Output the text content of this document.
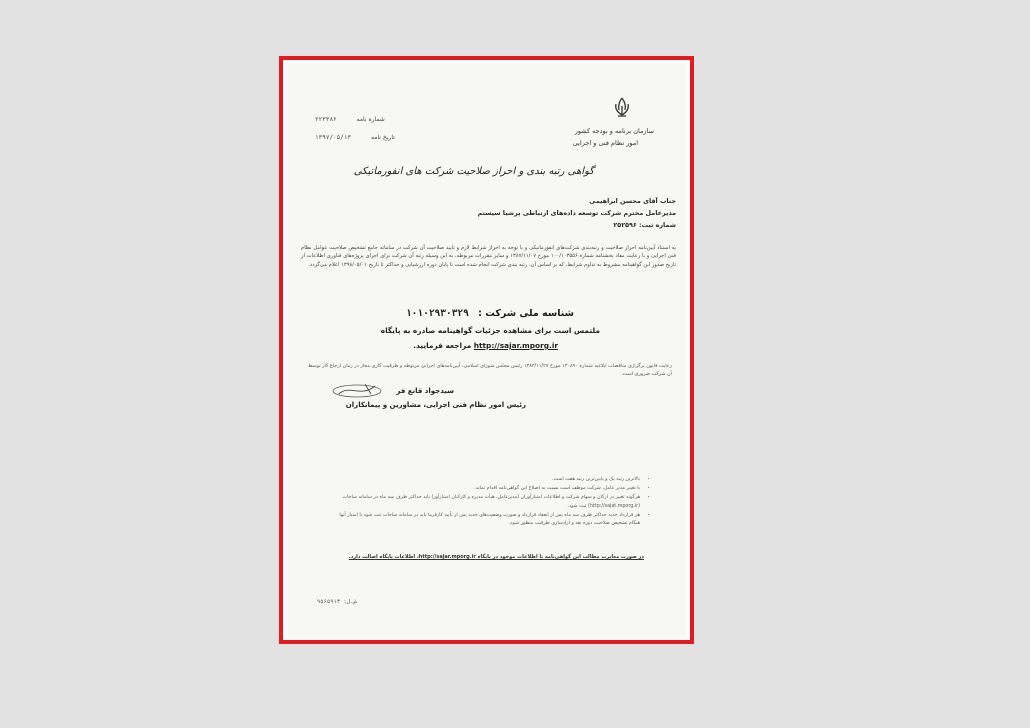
سازمان برنامه و بودجه کشور
امور نظام فنی و اجرایی
شماره نامه ۲۲۳۳۸۶
تاریخ نامه ۱۳۹۷/۰۵/۱۳
گواهی رتبه بندی و احراز صلاحیت شرکت های انفورماتیکی
جناب آقای محسن ابراهیمی
مدیرعامل محترم شرکت توسعه داده‌های ارتباطی پرشیا سیستم
شماره ثبت: ۲۵۲۵۹۶
به استناد آیین‌نامه احراز صلاحیت و رتبه‌بندی شرکت‌های انفورماتیکی و با توجه به احراز شرایط لازم و تایید صلاحیت آن شرکت در سامانه جامع تشخیص صلاحیت عوامل نظام فنی اجرایی و با رعایت مفاد بخشنامه شماره ۱۰۰/۱۰۳۵۵۶ مورخ ۱۳۸۷/۱۱/۰۷ و سایر مقررات مربوطه، به این وسیله رتبه آن شرکت برای اجرای پروژه‌های فناوری اطلاعات از تاریخ صدور این گواهینامه مشروط به تداوم شرایط، که بر اساس آن، رتبه بندی شرکت انجام شده است تا پایان دوره ارزشیابی و حداکثر تا تاریخ ۱۳۹۸/۰۵/۰۱ اعلام می‌گردد.
شناسه ملی شرکت : ۱۰۱۰۲۹۳۰۳۲۹
ملتمس است برای مشاهده جزئیات گواهینامه صادره به پایگاه
http://sajar.mporg.ir مراجعه فرمایید.
رعایت قانون برگزاری مناقصات ابلاغیه شماره ۱۳۰۸۹۰ مورخ ۱۳۸۳/۱۱/۲۷ رئیس مجلس شورای اسلامی، آیین‌نامه‌های اجرایی مربوطه و ظرفیت کاری مجاز در زمان ارجاع کار توسط آن شرکت ضروری است.
سیدجواد قانع فر
رئیس امور نظام فنی اجرایی، مشاورین و پیمانکاران
• بالاترین رتبه یک و پایین‌ترین رتبه هفت است.
• با تغییر مدیر عامل، شرکت موظف است نسبت به اصلاح این گواهی‌نامه اقدام نماید.
• هرگونه تغییر در ارکان و سهام شرکت و اطلاعات امتیازآوران (مدیرعامل، هیأت مدیره و کارکنان امتیازآور) باید حداکثر ظرف سه ماه در سامانه ساجات (http://sajat.mporg.ir) ثبت شود.
• هر قرارداد جدید حداکثر ظرف سه ماه پس از انعقاد قرارداد و صورت وضعیت‌های جدید پس از تأیید کارفرما باید در سامانه ساجات ثبت شود تا امتیاز آنها هنگام تشخیص صلاحیت دوره بعد و آزادسازی ظرفیت منظور شود.
در صورت مغایرت مطالب این گواهی‌نامه با اطلاعات موجود در پایگاه http://sajar.mporg.ir، اطلاعات پایگاه اصالت دارد.
ش.ل: ۹۵۶۵۹۱۳
